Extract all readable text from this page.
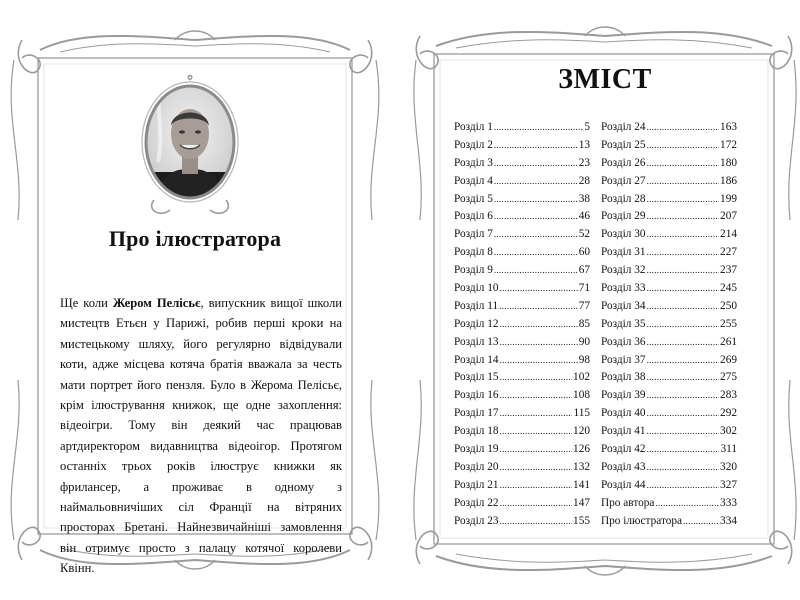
Про ілюстратора
Ще коли Жером Пелісьє, випускник вищої школи мистецтв Етьєн у Парижі, робив перші кроки на мистецькому шляху, його регулярно відвідували коти, адже місцева котяча братія вважала за честь мати портрет його пензля. Було в Жерома Пелісьє, крім ілюстрування книжок, ще одне захоплення: відеоігри. Тому він деякий час працював артдиректором видавництва відеоігор. Протягом останніх трьох років ілюструє книжки як фрилансер, а проживає в одному з наймальовничіших сіл Франції на вітряних просторах Бретані. Найнезвичайніші замовлення він отримує просто з палацу котячої королеви Квінн.
ЗМІСТ
Розділ 1 .....	5
Розділ 2 .....	13
Розділ 3 .....	23
Розділ 4 .....	28
Розділ 5 .....	38
Розділ 6 .....	46
Розділ 7 .....	52
Розділ 8 .....	60
Розділ 9 .....	67
Розділ 10 .....	71
Розділ 11 .....	77
Розділ 12 .....	85
Розділ 13 .....	90
Розділ 14 .....	98
Розділ 15 .....	102
Розділ 16 .....	108
Розділ 17 .....	115
Розділ 18 .....	120
Розділ 19 .....	126
Розділ 20 .....	132
Розділ 21 .....	141
Розділ 22 .....	147
Розділ 23 .....	155
Розділ 24 .....	163
Розділ 25 .....	172
Розділ 26 .....	180
Розділ 27 .....	186
Розділ 28 .....	199
Розділ 29 .....	207
Розділ 30 .....	214
Розділ 31 .....	227
Розділ 32 .....	237
Розділ 33 .....	245
Розділ 34 .....	250
Розділ 35 .....	255
Розділ 36 .....	261
Розділ 37 .....	269
Розділ 38 .....	275
Розділ 39 .....	283
Розділ 40 .....	292
Розділ 41 .....	302
Розділ 42 .....	311
Розділ 43 .....	320
Розділ 44 .....	327
Про автора .....	333
Про ілюстратора .....	334
